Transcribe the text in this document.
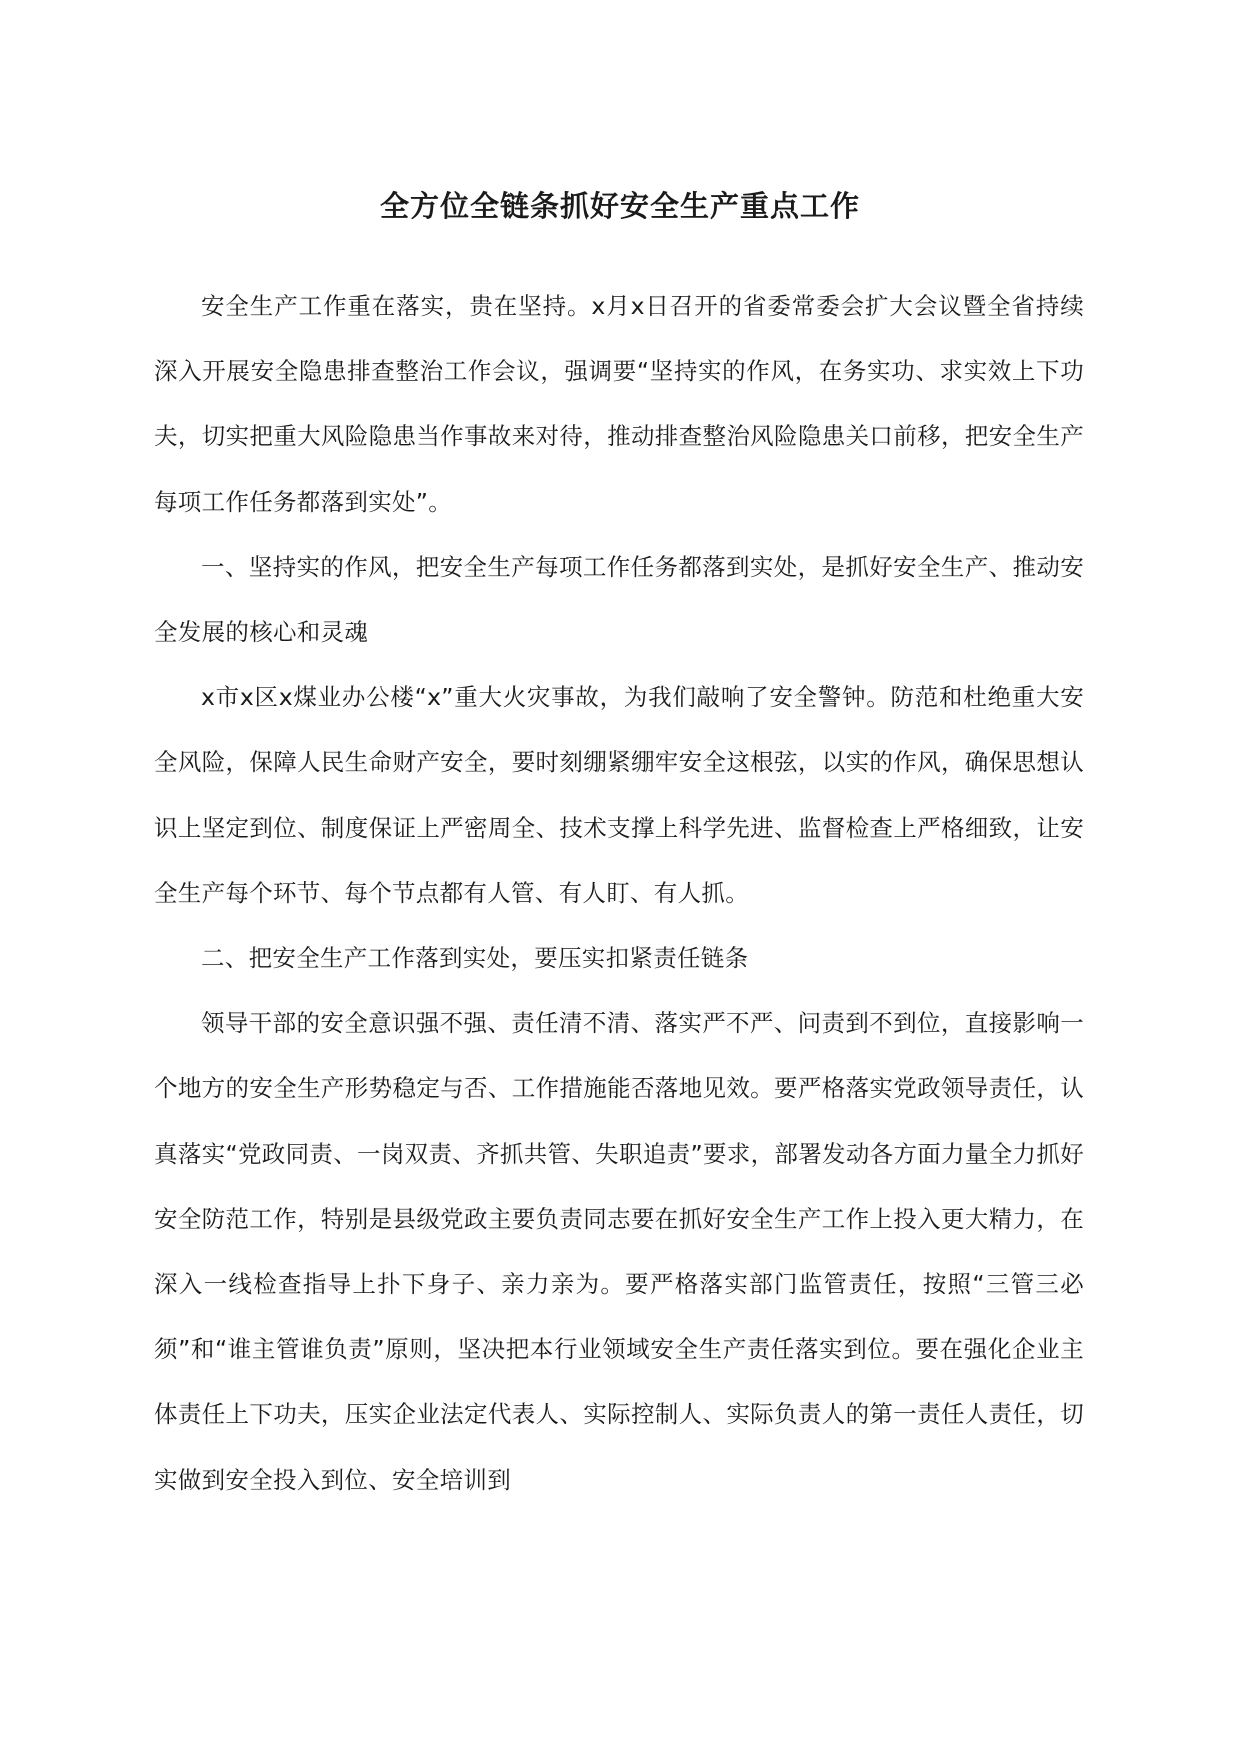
全方位全链条抓好安全生产重点工作

安全生产工作重在落实，贵在坚持。x月x日召开的省委常委会扩大会议暨全省持续深入开展安全隐患排查整治工作会议，强调要“坚持实的作风，在务实功、求实效上下功夫，切实把重大风险隐患当作事故来对待，推动排查整治风险隐患关口前移，把安全生产每项工作任务都落到实处”。

一、坚持实的作风，把安全生产每项工作任务都落到实处，是抓好安全生产、推动安全发展的核心和灵魂

x市x区x煤业办公楼“x”重大火灾事故，为我们敲响了安全警钟。防范和杜绝重大安全风险，保障人民生命财产安全，要时刻绷紧绷牢安全这根弦，以实的作风，确保思想认识上坚定到位、制度保证上严密周全、技术支撑上科学先进、监督检查上严格细致，让安全生产每个环节、每个节点都有人管、有人盯、有人抓。

二、把安全生产工作落到实处，要压实扣紧责任链条

领导干部的安全意识强不强、责任清不清、落实严不严、问责到不到位，直接影响一个地方的安全生产形势稳定与否、工作措施能否落地见效。要严格落实党政领导责任，认真落实“党政同责、一岗双责、齐抓共管、失职追责”要求，部署发动各方面力量全力抓好安全防范工作，特别是县级党政主要负责同志要在抓好安全生产工作上投入更大精力，在深入一线检查指导上扑下身子、亲力亲为。要严格落实部门监管责任，按照“三管三必须”和“谁主管谁负责”原则，坚决把本行业领域安全生产责任落实到位。要在强化企业主体责任上下功夫，压实企业法定代表人、实际控制人、实际负责人的第一责任人责任，切实做到安全投入到位、安全培训到
